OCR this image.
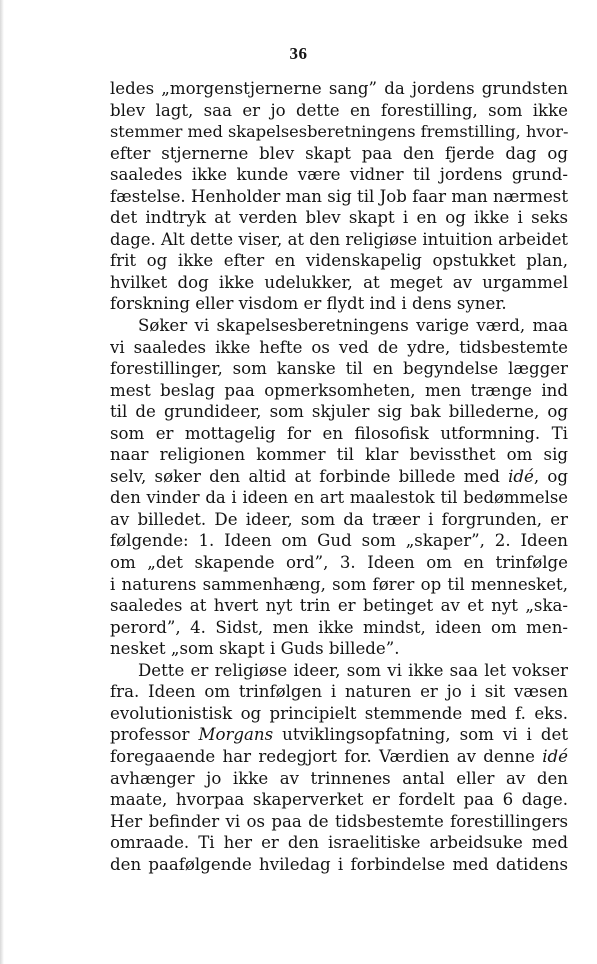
36
ledes „morgenstjernerne sang” da jordens grundsten
blev lagt, saa er jo dette en forestilling, som ikke
stemmer med skapelsesberetningens fremstilling, hvor-
efter stjernerne blev skapt paa den fjerde dag og
saaledes ikke kunde være vidner til jordens grund-
fæstelse. Henholder man sig til Job faar man nærmest
det indtryk at verden blev skapt i en og ikke i seks
dage. Alt dette viser, at den religiøse intuition arbeidet
frit og ikke efter en videnskapelig opstukket plan,
hvilket dog ikke udelukker, at meget av urgammel
forskning eller visdom er flydt ind i dens syner.
Søker vi skapelsesberetningens varige værd, maa
vi saaledes ikke hefte os ved de ydre, tidsbestemte
forestillinger, som kanske til en begyndelse lægger
mest beslag paa opmerksomheten, men trænge ind
til de grundideer, som skjuler sig bak billederne, og
som er mottagelig for en filosofisk utformning. Ti
naar religionen kommer til klar bevissthet om sig
selv, søker den altid at forbinde billede med idé, og
den vinder da i ideen en art maalestok til bedømmelse
av billedet. De ideer, som da træer i forgrunden, er
følgende: 1. Ideen om Gud som „skaper”, 2. Ideen
om „det skapende ord”, 3. Ideen om en trinfølge
i naturens sammenhæng, som fører op til mennesket,
saaledes at hvert nyt trin er betinget av et nyt „ska-
perord”, 4. Sidst, men ikke mindst, ideen om men-
nesket „som skapt i Guds billede”.
Dette er religiøse ideer, som vi ikke saa let vokser
fra. Ideen om trinfølgen i naturen er jo i sit væsen
evolutionistisk og principielt stemmende med f. eks.
professor Morgans utviklingsopfatning, som vi i det
foregaaende har redegjort for. Værdien av denne idé
avhænger jo ikke av trinnenes antal eller av den
maate, hvorpaa skaperverket er fordelt paa 6 dage.
Her befinder vi os paa de tidsbestemte forestillingers
omraade. Ti her er den israelitiske arbeidsuke med
den paafølgende hviledag i forbindelse med datidens
